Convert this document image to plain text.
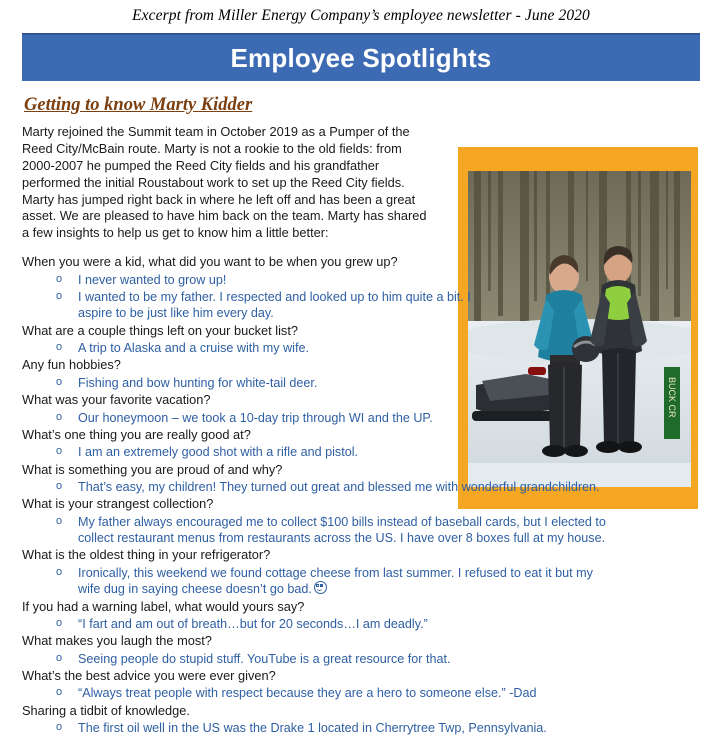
Excerpt from Miller Energy Company’s employee newsletter - June 2020
Employee Spotlights
Getting to know Marty Kidder
Marty rejoined the Summit team in October 2019 as a Pumper of the Reed City/McBain route. Marty is not a rookie to the old fields: from 2000-2007 he pumped the Reed City fields and his grandfather performed the initial Roustabout work to set up the Reed City fields. Marty has jumped right back in where he left off and has been a great asset. We are pleased to have him back on the team. Marty has shared a few insights to help us get to know him a little better:
BUCK CR
When you were a kid, what did you want to be when you grew up?
o I never wanted to grow up!
o I wanted to be my father. I respected and looked up to him quite a bit. I aspire to be just like him every day.
What are a couple things left on your bucket list?
o A trip to Alaska and a cruise with my wife.
Any fun hobbies?
o Fishing and bow hunting for white-tail deer.
What was your favorite vacation?
o Our honeymoon – we took a 10-day trip through WI and the UP.
What’s one thing you are really good at?
o I am an extremely good shot with a rifle and pistol.
What is something you are proud of and why?
o That’s easy, my children! They turned out great and blessed me with wonderful grandchildren.
What is your strangest collection?
o My father always encouraged me to collect $100 bills instead of baseball cards, but I elected to collect restaurant menus from restaurants across the US. I have over 8 boxes full at my house.
What is the oldest thing in your refrigerator?
o Ironically, this weekend we found cottage cheese from last summer. I refused to eat it but my wife dug in saying cheese doesn’t go bad.
If you had a warning label, what would yours say?
o “I fart and am out of breath…but for 20 seconds…I am deadly.”
What makes you laugh the most?
o Seeing people do stupid stuff. YouTube is a great resource for that.
What’s the best advice you were ever given?
o “Always treat people with respect because they are a hero to someone else.” -Dad
Sharing a tidbit of knowledge.
o The first oil well in the US was the Drake 1 located in Cherrytree Twp, Pennsylvania.
